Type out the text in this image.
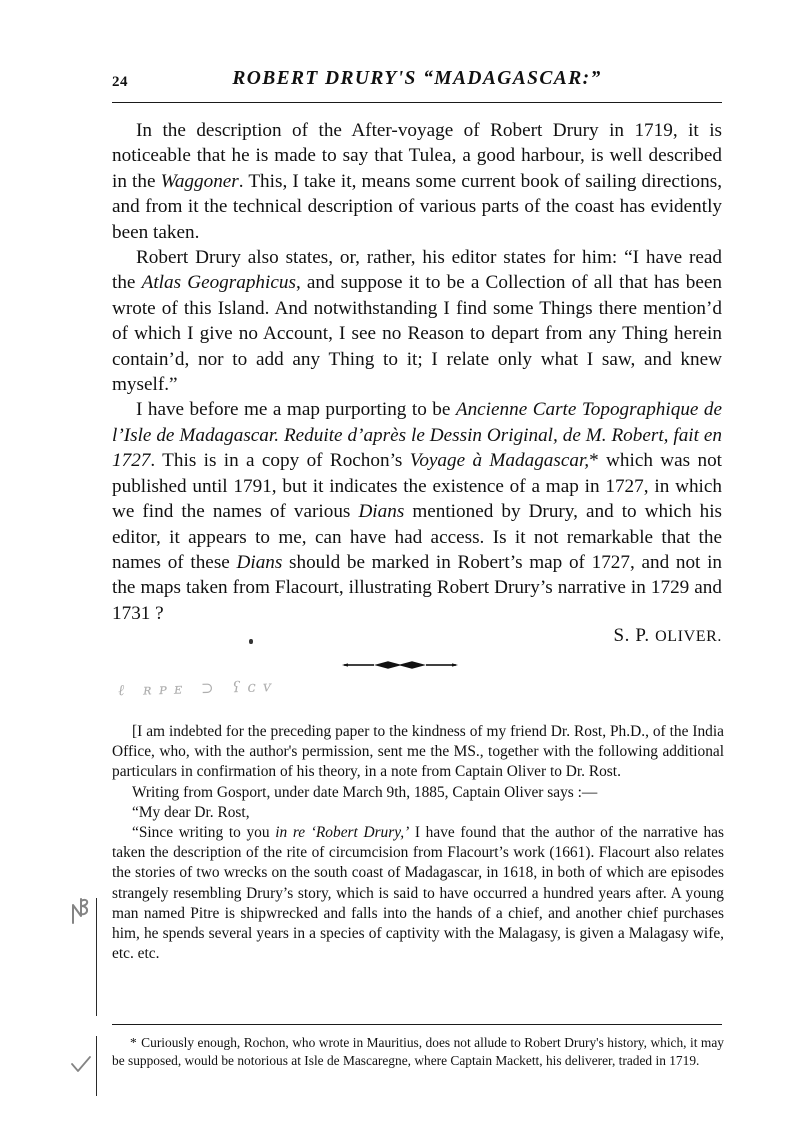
24	ROBERT DRURY'S “MADAGASCAR:”

In the description of the After-voyage of Robert Drury in 1719, it is noticeable that he is made to say that Tulea, a good harbour, is well described in the Waggoner. This, I take it, means some current book of sailing directions, and from it the technical description of various parts of the coast has evidently been taken.

Robert Drury also states, or, rather, his editor states for him: “I have read the Atlas Geographicus, and suppose it to be a Collection of all that has been wrote of this Island. And notwithstanding I find some Things there mention’d of which I give no Account, I see no Reason to depart from any Thing herein contain’d, nor to add any Thing to it; I relate only what I saw, and knew myself.”

I have before me a map purporting to be Ancienne Carte Topographique de l’Isle de Madagascar. Reduite d’après le Dessin Original, de M. Robert, fait en 1727. This is in a copy of Rochon’s Voyage à Madagascar,* which was not published until 1791, but it indicates the existence of a map in 1727, in which we find the names of various Dians mentioned by Drury, and to which his editor, it appears to me, can have had access. Is it not remarkable that the names of these Dians should be marked in Robert’s map of 1727, and not in the maps taken from Flacourt, illustrating Robert Drury’s narrative in 1729 and 1731 ?

S. P. OLIVER.
ℓ ʀᴘᴇ ⊃ ʕᴄᴠ

[I am indebted for the preceding paper to the kindness of my friend Dr. Rost, Ph.D., of the India Office, who, with the author's permission, sent me the MS., together with the following additional particulars in confirmation of his theory, in a note from Captain Oliver to Dr. Rost.

Writing from Gosport, under date March 9th, 1885, Captain Oliver says :—

“My dear Dr. Rost,

“Since writing to you in re ‘Robert Drury,’ I have found that the author of the narrative has taken the description of the rite of circumcision from Flacourt’s work (1661). Flacourt also relates the stories of two wrecks on the south coast of Madagascar, in 1618, in both of which are episodes strangely resembling Drury’s story, which is said to have occurred a hundred years after. A young man named Pitre is shipwrecked and falls into the hands of a chief, and another chief purchases him, he spends several years in a species of captivity with the Malagasy, is given a Malagasy wife, etc. etc.

* Curiously enough, Rochon, who wrote in Mauritius, does not allude to Robert Drury's history, which, it may be supposed, would be notorious at Isle de Mascaregne, where Captain Mackett, his deliverer, traded in 1719.
